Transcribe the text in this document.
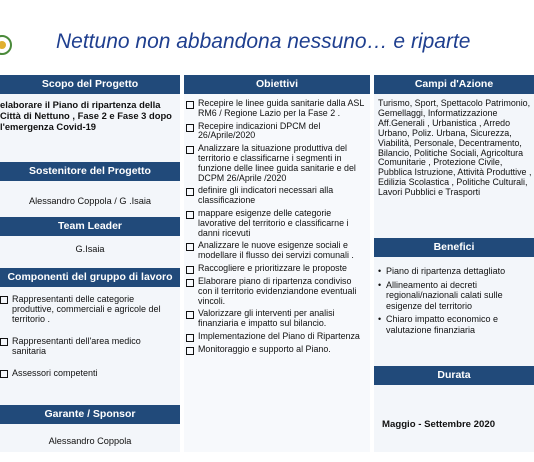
Nettuno non abbandona nessuno… e riparte
Scopo del Progetto
elaborare il Piano di ripartenza della Città di Nettuno , Fase 2 e Fase 3 dopo l'emergenza Covid-19
Sostenitore del Progetto
Alessandro Coppola / G .Isaia
Team Leader
G.Isaia
Componenti del gruppo di lavoro
Rappresentanti delle categorie produttive, commerciali e agricole del territorio .
Rappresentanti dell'area medico sanitaria
Assessori competenti
Garante / Sponsor
Alessandro Coppola
Obiettivi
Recepire le linee guida sanitarie dalla ASL RM6 / Regione Lazio per la Fase 2 .
Recepire indicazioni DPCM del 26/Aprile/2020
Analizzare la situazione produttiva del territorio e classificarne i segmenti in funzione delle linee guida sanitarie e del DCPM 26/Aprile /2020
definire gli indicatori necessari alla classificazione
mappare esigenze delle categorie lavorative del territorio e classificarne i danni ricevuti
Analizzare le nuove esigenze sociali e modellare il flusso dei servizi comunali .
Raccogliere e prioritizzare le proposte
Elaborare piano di ripartenza condiviso con il territorio evidenziandone eventuali vincoli.
Valorizzare gli interventi per analisi finanziaria e impatto sul bilancio.
Implementazione del Piano di Ripartenza
Monitoraggio e supporto al Piano.
Campi d'Azione
Turismo, Sport, Spettacolo Patrimonio, Gemellaggi, Informatizzazione Aff.Generali , Urbanistica , Arredo Urbano, Poliz. Urbana, Sicurezza, Viabilità, Personale, Decentramento, Bilancio, Politiche Sociali, Agricoltura Comunitarie , Protezione Civile, Pubblica Istruzione, Attività Produttive , Edilizia Scolastica , Politiche Culturali, Lavori Pubblici e Trasporti
Benefici
• Piano di ripartenza dettagliato
• Allineamento ai decreti regionali/nazionali calati sulle esigenze del territorio
• Chiaro impatto economico e valutazione finanziaria
Durata
Maggio - Settembre 2020
